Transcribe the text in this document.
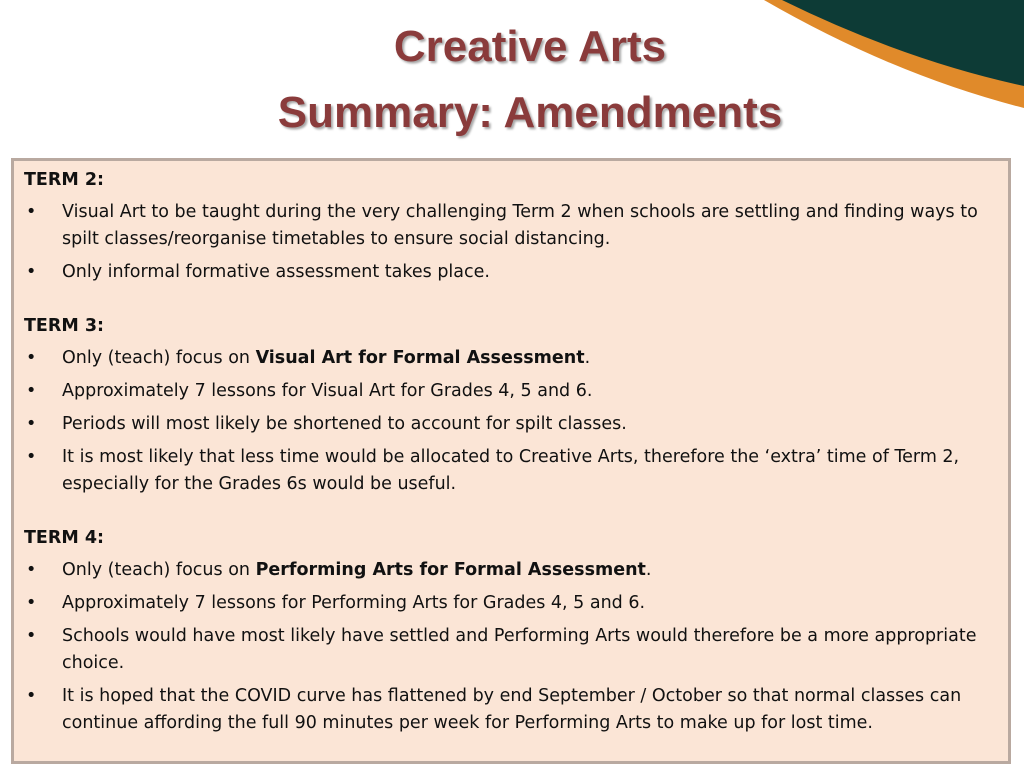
Creative Arts
Summary: Amendments
TERM 2:
• Visual Art to be taught during the very challenging Term 2 when schools are settling and finding ways to spilt classes/reorganise timetables to ensure social distancing.
• Only informal formative assessment takes place.
TERM 3:
• Only (teach) focus on Visual Art for Formal Assessment.
• Approximately 7 lessons for Visual Art for Grades 4, 5 and 6.
• Periods will most likely be shortened to account for spilt classes.
• It is most likely that less time would be allocated to Creative Arts, therefore the ‘extra’ time of Term 2, especially for the Grades 6s would be useful.
TERM 4:
• Only (teach) focus on Performing Arts for Formal Assessment.
• Approximately 7 lessons for Performing Arts for Grades 4, 5 and 6.
• Schools would have most likely have settled and Performing Arts would therefore be a more appropriate choice.
• It is hoped that the COVID curve has flattened by end September / October so that normal classes can continue affording the full 90 minutes per week for Performing Arts to make up for lost time.
